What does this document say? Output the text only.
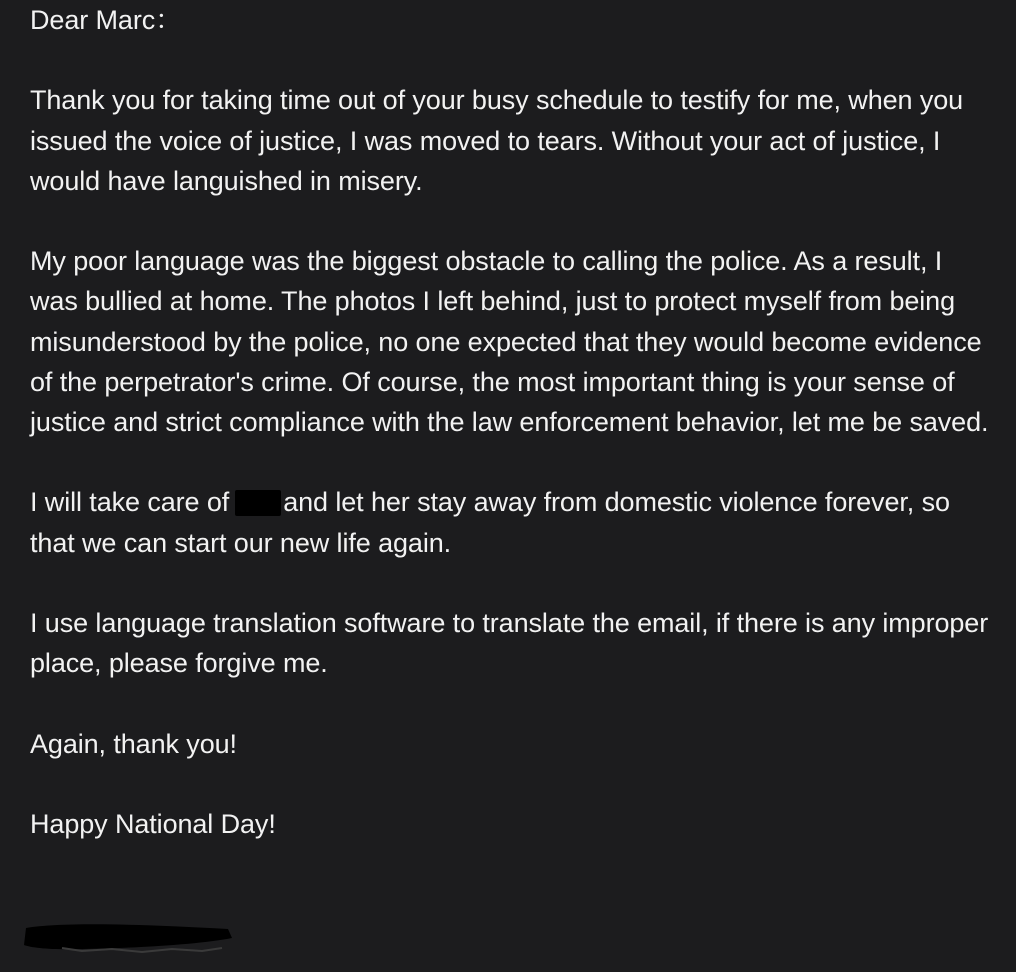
Dear Marc：

Thank you for taking time out of your busy schedule to testify for me, when you issued the voice of justice, I was moved to tears. Without your act of justice, I would have languished in misery.

My poor language was the biggest obstacle to calling the police. As a result, I was bullied at home. The photos I left behind, just to protect myself from being misunderstood by the police, no one expected that they would become evidence of the perpetrator's crime. Of course, the most important thing is your sense of justice and strict compliance with the law enforcement behavior, let me be saved.

I will take care of and let her stay away from domestic violence forever, so that we can start our new life again.

I use language translation software to translate the email, if there is any improper place, please forgive me.

Again, thank you!

Happy National Day!
